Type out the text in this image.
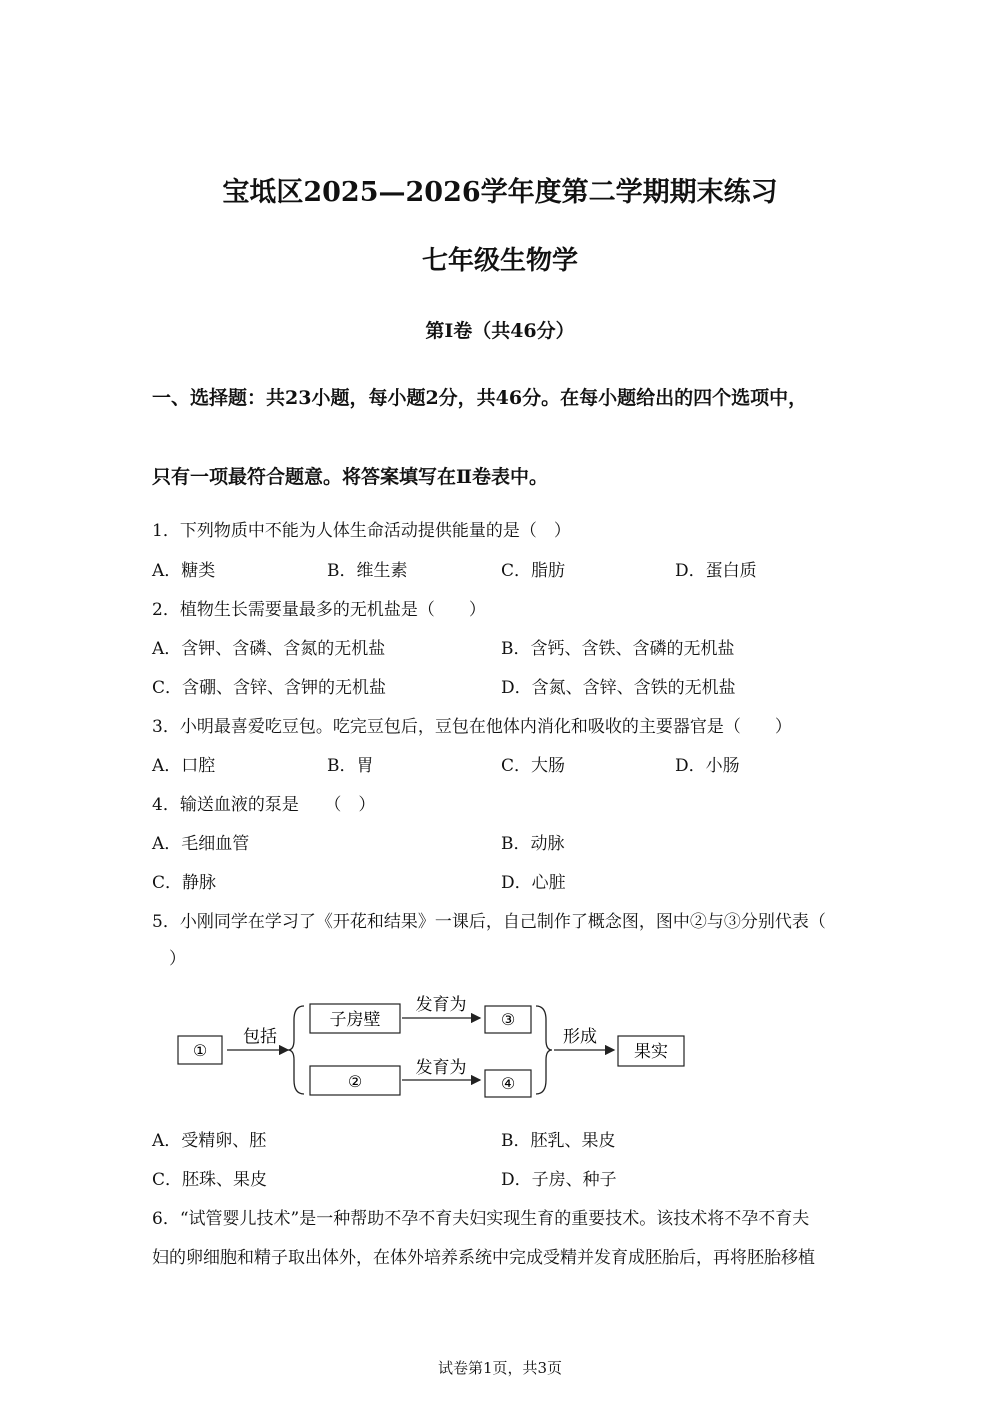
宝坻区2025—2026学年度第二学期期末练习
七年级生物学
第Ⅰ卷（共46分）
一、选择题：共23小题，每小题2分，共46分。在每小题给出的四个选项中，
只有一项最符合题意。将答案填写在Ⅱ卷表中。
1．下列物质中不能为人体生命活动提供能量的是（　）
A．糖类	B．维生素	C．脂肪	D．蛋白质
2．植物生长需要量最多的无机盐是（　　）
A．含钾、含磷、含氮的无机盐	B．含钙、含铁、含磷的无机盐
C．含硼、含锌、含钾的无机盐	D．含氮、含锌、含铁的无机盐
3．小明最喜爱吃豆包。吃完豆包后，豆包在他体内消化和吸收的主要器官是（　　）
A．口腔	B．胃	C．大肠	D．小肠
4．输送血液的泵是　　（　）
A．毛细血管	B．动脉
C．静脉	D．心脏
5．小刚同学在学习了《开花和结果》一课后，自己制作了概念图，图中②与③分别代表（
　）
①
包括
子房壁
发育为
③
②
发育为
④
形成
果实
A．受精卵、胚	B．胚乳、果皮
C．胚珠、果皮	D．子房、种子
6．“试管婴儿技术”是一种帮助不孕不育夫妇实现生育的重要技术。该技术将不孕不育夫
妇的卵细胞和精子取出体外，在体外培养系统中完成受精并发育成胚胎后，再将胚胎移植
试卷第1页，共3页
